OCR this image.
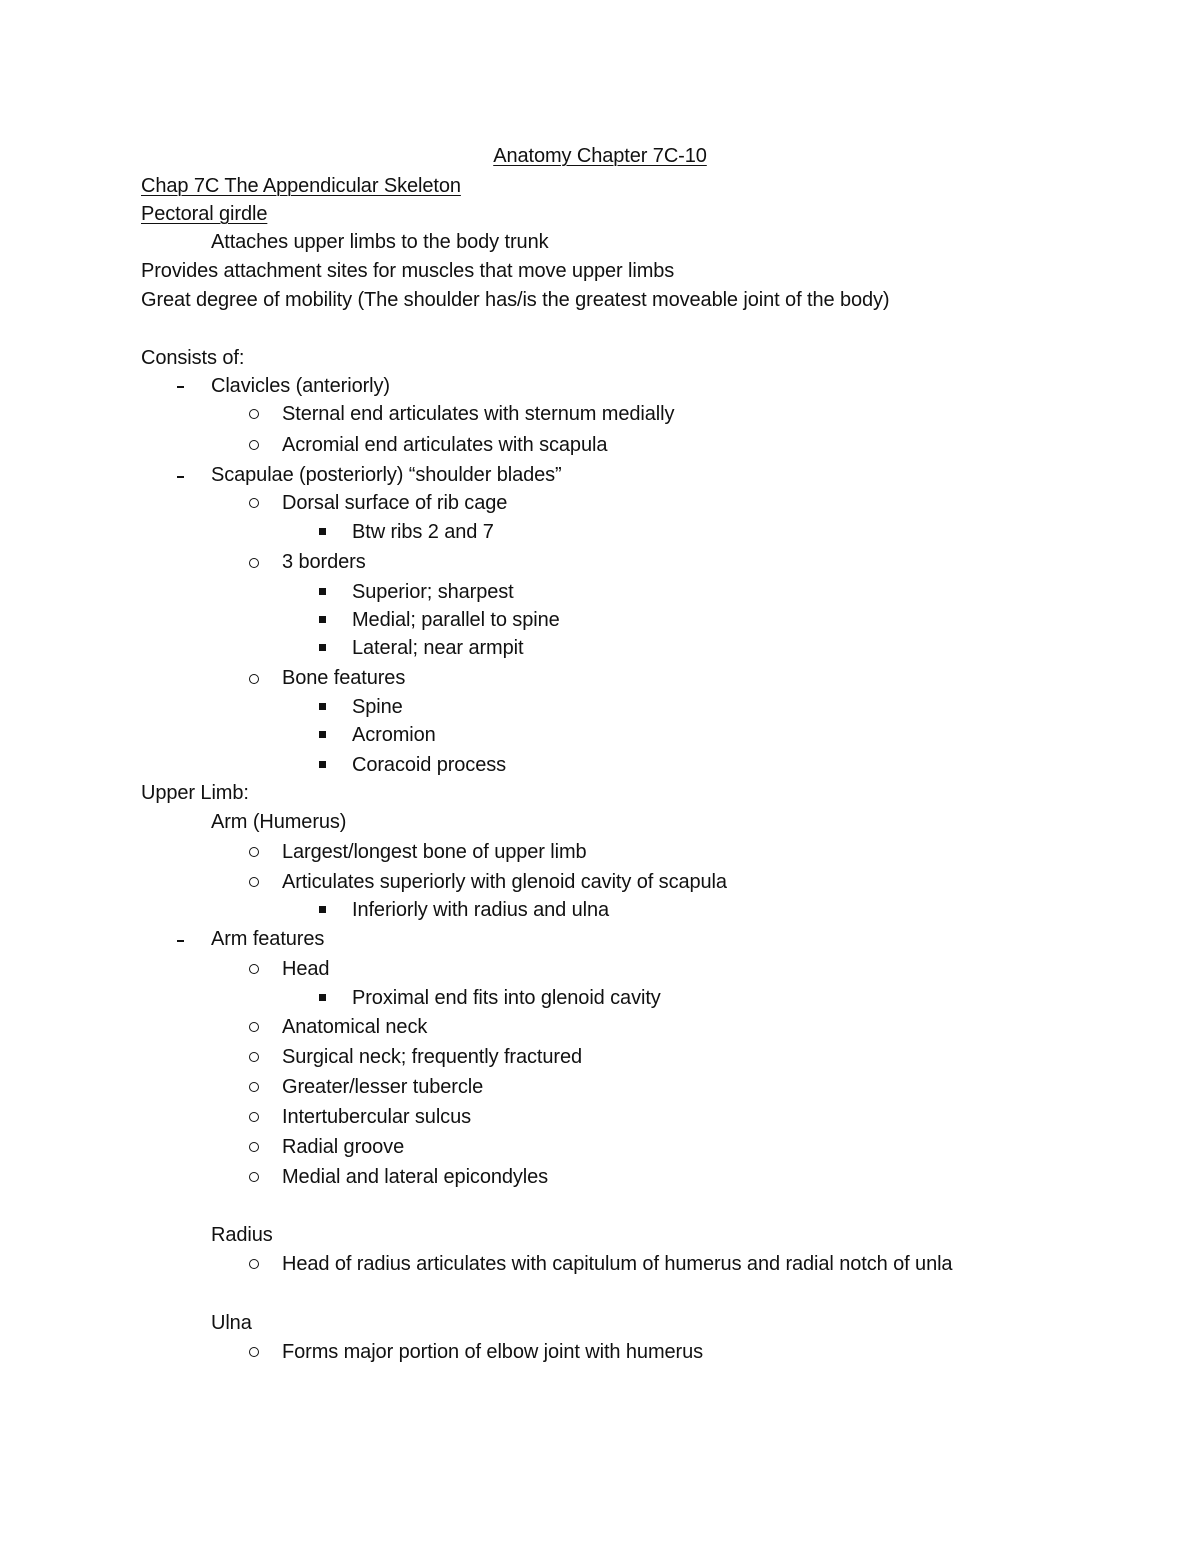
Anatomy Chapter 7C-10
Chap 7C The Appendicular Skeleton
Pectoral girdle
Attaches upper limbs to the body trunk
Provides attachment sites for muscles that move upper limbs
Great degree of mobility (The shoulder has/is the greatest moveable joint of the body)
Consists of:
Clavicles (anteriorly)
Sternal end articulates with sternum medially
Acromial end articulates with scapula
Scapulae (posteriorly) “shoulder blades”
Dorsal surface of rib cage
Btw ribs 2 and 7
3 borders
Superior; sharpest
Medial; parallel to spine
Lateral; near armpit
Bone features
Spine
Acromion
Coracoid process
Upper Limb:
Arm (Humerus)
Largest/longest bone of upper limb
Articulates superiorly with glenoid cavity of scapula
Inferiorly with radius and ulna
Arm features
Head
Proximal end fits into glenoid cavity
Anatomical neck
Surgical neck; frequently fractured
Greater/lesser tubercle
Intertubercular sulcus
Radial groove
Medial and lateral epicondyles
Radius
Head of radius articulates with capitulum of humerus and radial notch of unla
Ulna
Forms major portion of elbow joint with humerus
